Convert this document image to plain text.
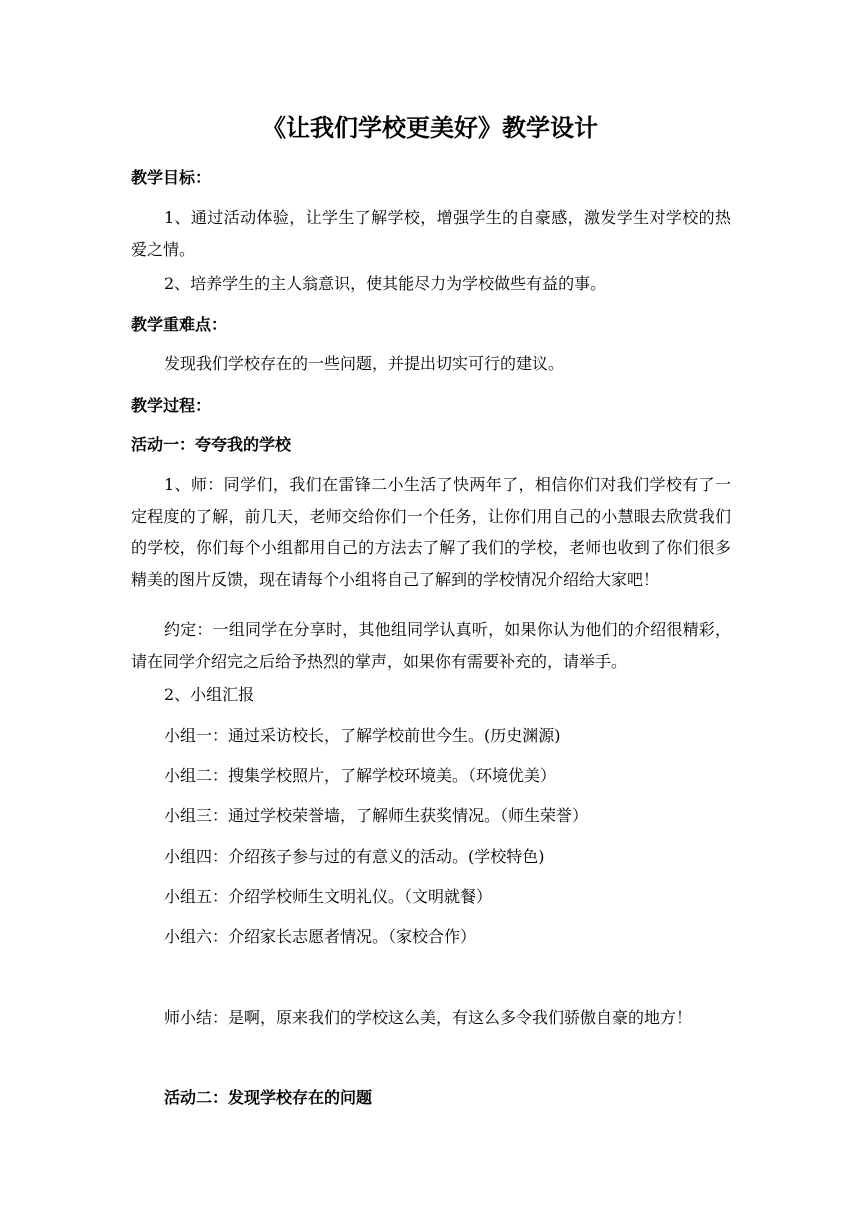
《让我们学校更美好》教学设计
教学目标：
1、通过活动体验，让学生了解学校，增强学生的自豪感，激发学生对学校的热爱之情。
2、培养学生的主人翁意识，使其能尽力为学校做些有益的事。
教学重难点：
发现我们学校存在的一些问题，并提出切实可行的建议。
教学过程：
活动一：夸夸我的学校
1、师：同学们，我们在雷锋二小生活了快两年了，相信你们对我们学校有了一定程度的了解，前几天，老师交给你们一个任务，让你们用自己的小慧眼去欣赏我们的学校，你们每个小组都用自己的方法去了解了我们的学校，老师也收到了你们很多精美的图片反馈，现在请每个小组将自己了解到的学校情况介绍给大家吧！
约定：一组同学在分享时，其他组同学认真听，如果你认为他们的介绍很精彩，请在同学介绍完之后给予热烈的掌声，如果你有需要补充的，请举手。
2、小组汇报
小组一：通过采访校长，了解学校前世今生。(历史渊源)
小组二：搜集学校照片，了解学校环境美。（环境优美）
小组三：通过学校荣誉墙，了解师生获奖情况。（师生荣誉）
小组四：介绍孩子参与过的有意义的活动。(学校特色)
小组五：介绍学校师生文明礼仪。（文明就餐）
小组六：介绍家长志愿者情况。（家校合作）
师小结：是啊，原来我们的学校这么美，有这么多令我们骄傲自豪的地方！
活动二：发现学校存在的问题
